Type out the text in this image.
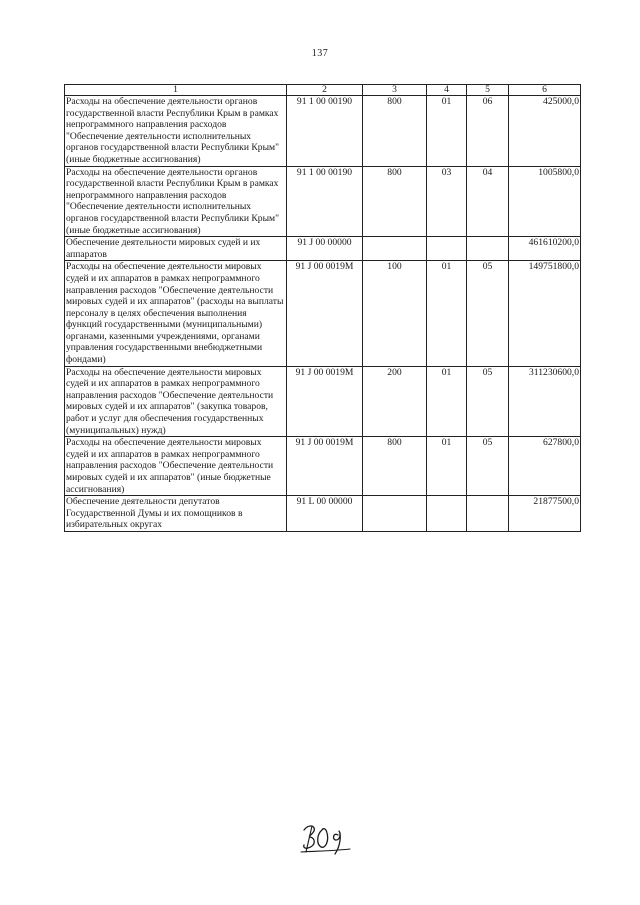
137
1	2	3	4	5	6
Расходы на обеспечение деятельности органов государственной власти Республики Крым в рамках непрограммного направления расходов "Обеспечение деятельности исполнительных органов государственной власти Республики Крым" (иные бюджетные ассигнования)	91 1 00 00190	800	01	06	425000,0
Расходы на обеспечение деятельности органов государственной власти Республики Крым в рамках непрограммного направления расходов "Обеспечение деятельности исполнительных органов государственной власти Республики Крым" (иные бюджетные ассигнования)	91 1 00 00190	800	03	04	1005800,0
Обеспечение деятельности мировых судей и их аппаратов	91 J 00 00000				461610200,0
Расходы на обеспечение деятельности мировых судей и их аппаратов в рамках непрограммного направления расходов "Обеспечение деятельности мировых судей и их аппаратов" (расходы на выплаты персоналу в целях обеспечения выполнения функций государственными (муниципальными) органами, казенными учреждениями, органами управления государственными внебюджетными фондами)	91 J 00 0019M	100	01	05	149751800,0
Расходы на обеспечение деятельности мировых судей и их аппаратов в рамках непрограммного направления расходов "Обеспечение деятельности мировых судей и их аппаратов" (закупка товаров, работ и услуг для обеспечения государственных (муниципальных) нужд)	91 J 00 0019M	200	01	05	311230600,0
Расходы на обеспечение деятельности мировых судей и их аппаратов в рамках непрограммного направления расходов "Обеспечение деятельности мировых судей и их аппаратов" (иные бюджетные ассигнования)	91 J 00 0019M	800	01	05	627800,0
Обеспечение деятельности депутатов Государственной Думы и их помощников в избирательных округах	91 L 00 00000				21877500,0
